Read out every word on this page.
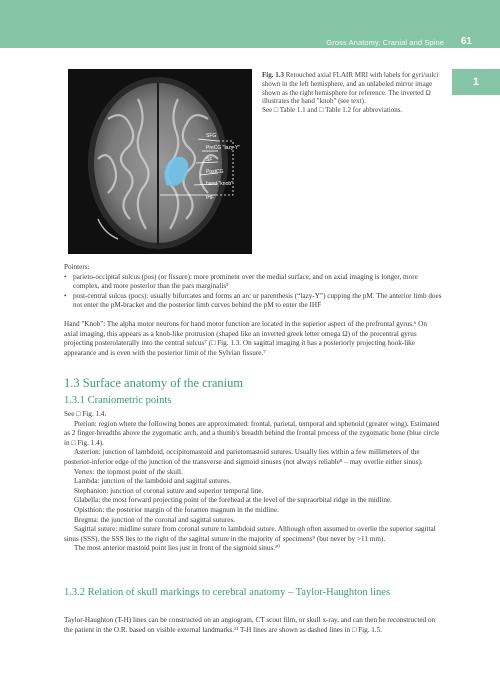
Gross Anatomy, Cranial and Spine 61
1
SFG
PreCG "lazy-Y"
SF
PostCG
hand "knob"
IHF
Fig. 1.3 Retouched axial FLAIR MRI with labels for gyri/sulci shown in the left hemisphere, and an unlabeled mirror image shown as the right hemisphere for reference. The inverted Ω illustrates the hand "knob" (see text).
See □ Table 1.1 and □ Table 1.2 for abbreviations.

Pointers:

• parieto-occipital sulcus (pos) (or fissure): more prominent over the medial surface, and on axial imaging is longer, more complex, and more posterior than the pars marginalis⁵
• post-central sulcus (pocs): usually bifurcates and forms an arc or parenthesis (“lazy-Y”) cupping the pM. The anterior limb does not enter the pM-bracket and the posterior limb curves behind the pM to enter the IHF

Hand "Knob": The alpha motor neurons for hand motor function are located in the superior aspect of the prefrontal gyrus.⁶ On axial imaging, this appears as a knob-like protrusion (shaped like an inverted greek letter omega Ω) of the precentral gyrus projecting posterolaterally into the central sulcus⁷ (□ Fig. 1.3. On sagittal imaging it has a posteriorly projecting hook-like appearance and is even with the posterior limit of the Sylvian fissure.⁷

1.3 Surface anatomy of the cranium
1.3.1 Craniometric points

See □ Fig. 1.4.

Pterion: region where the following bones are approximated: frontal, parietal, temporal and sphenoid (greater wing). Estimated as 2 finger-breadths above the zygomatic arch, and a thumb's breadth behind the frontal process of the zygomatic bone (blue circle in □ Fig. 1.4).

Asterion: junction of lambdoid, occipitomastoid and parietomastoid sutures. Usually lies within a few millimeters of the posterior-inferior edge of the junction of the transverse and sigmoid sinuses (not always reliable⁸ – may overlie either sinus).

Vertex: the topmost point of the skull.

Lambda: junction of the lambdoid and sagittal sutures.

Stephanion: junction of coronal suture and superior temporal line.

Glabella: the most forward projecting point of the forehead at the level of the supraorbital ridge in the midline.

Opisthion: the posterior margin of the foramen magnum in the midline.

Bregma: the junction of the coronal and sagittal sutures.

Sagittal suture: midline suture from coronal suture to lambdoid suture. Although often assumed to overlie the superior sagittal sinus (SSS), the SSS lies to the right of the sagittal suture in the majority of specimens⁹ (but never by >11 mm).

The most anterior mastoid point lies just in front of the sigmoid sinus.¹⁰

1.3.2 Relation of skull markings to cerebral anatomy – Taylor-Haughton lines

Taylor-Haughton (T-H) lines can be constructed on an angiogram, CT scout film, or skull x-ray, and can then be reconstructed on the patient in the O.R. based on visible external landmarks.¹¹ T-H lines are shown as dashed lines in □ Fig. 1.5.
